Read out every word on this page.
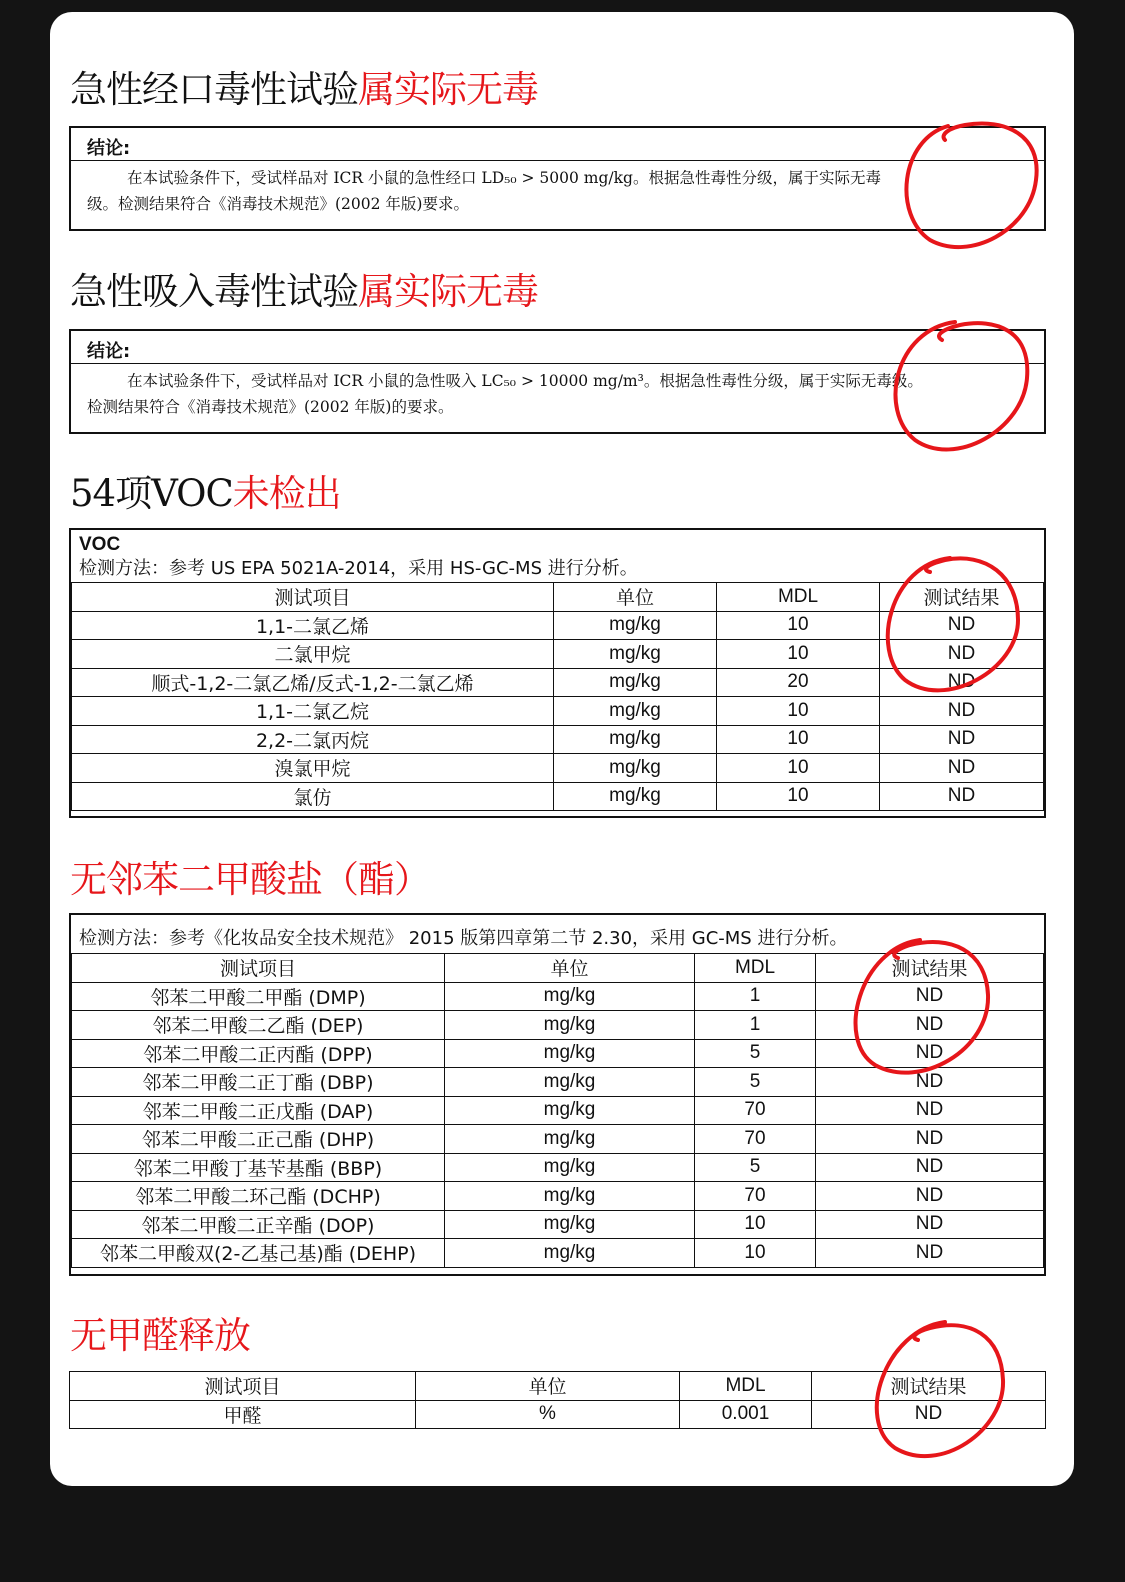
急性经口毒性试验属实际无毒
结论:
在本试验条件下，受试样品对 ICR 小鼠的急性经口 LD₅₀ > 5000 mg/kg。根据急性毒性分级，属于实际无毒
级。检测结果符合《消毒技术规范》(2002 年版)要求。
急性吸入毒性试验属实际无毒
结论:
在本试验条件下，受试样品对 ICR 小鼠的急性吸入 LC₅₀ > 10000 mg/m³。根据急性毒性分级，属于实际无毒级。
检测结果符合《消毒技术规范》(2002 年版)的要求。
54项VOC未检出
VOC
检测方法：参考 US EPA 5021A-2014，采用 HS-GC-MS 进行分析。
测试项目	单位	MDL	测试结果
1,1-二氯乙烯	mg/kg	10	ND
二氯甲烷	mg/kg	10	ND
顺式-1,2-二氯乙烯/反式-1,2-二氯乙烯	mg/kg	20	ND
1,1-二氯乙烷	mg/kg	10	ND
2,2-二氯丙烷	mg/kg	10	ND
溴氯甲烷	mg/kg	10	ND
氯仿	mg/kg	10	ND
无邻苯二甲酸盐（酯）
检测方法：参考《化妆品安全技术规范》 2015 版第四章第二节 2.30，采用 GC-MS 进行分析。
测试项目	单位	MDL	测试结果
邻苯二甲酸二甲酯 (DMP)	mg/kg	1	ND
邻苯二甲酸二乙酯 (DEP)	mg/kg	1	ND
邻苯二甲酸二正丙酯 (DPP)	mg/kg	5	ND
邻苯二甲酸二正丁酯 (DBP)	mg/kg	5	ND
邻苯二甲酸二正戊酯 (DAP)	mg/kg	70	ND
邻苯二甲酸二正己酯 (DHP)	mg/kg	70	ND
邻苯二甲酸丁基苄基酯 (BBP)	mg/kg	5	ND
邻苯二甲酸二环己酯 (DCHP)	mg/kg	70	ND
邻苯二甲酸二正辛酯 (DOP)	mg/kg	10	ND
邻苯二甲酸双(2-乙基己基)酯 (DEHP)	mg/kg	10	ND
无甲醛释放
测试项目	单位	MDL	测试结果
甲醛	%	0.001	ND
